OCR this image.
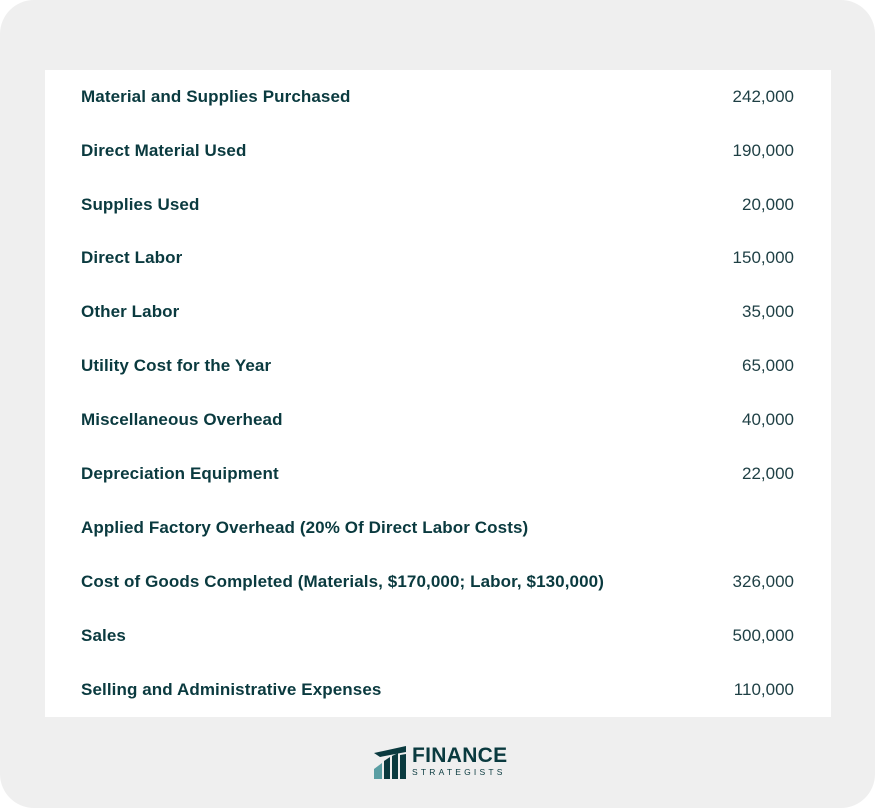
Material and Supplies Purchased	242,000
Direct Material Used	190,000
Supplies Used	20,000
Direct Labor	150,000
Other Labor	35,000
Utility Cost for the Year	65,000
Miscellaneous Overhead	40,000
Depreciation Equipment	22,000
Applied Factory Overhead (20% Of Direct Labor Costs)
Cost of Goods Completed (Materials, $170,000; Labor, $130,000)	326,000
Sales	500,000
Selling and Administrative Expenses	110,000
FINANCE
STRATEGISTS
